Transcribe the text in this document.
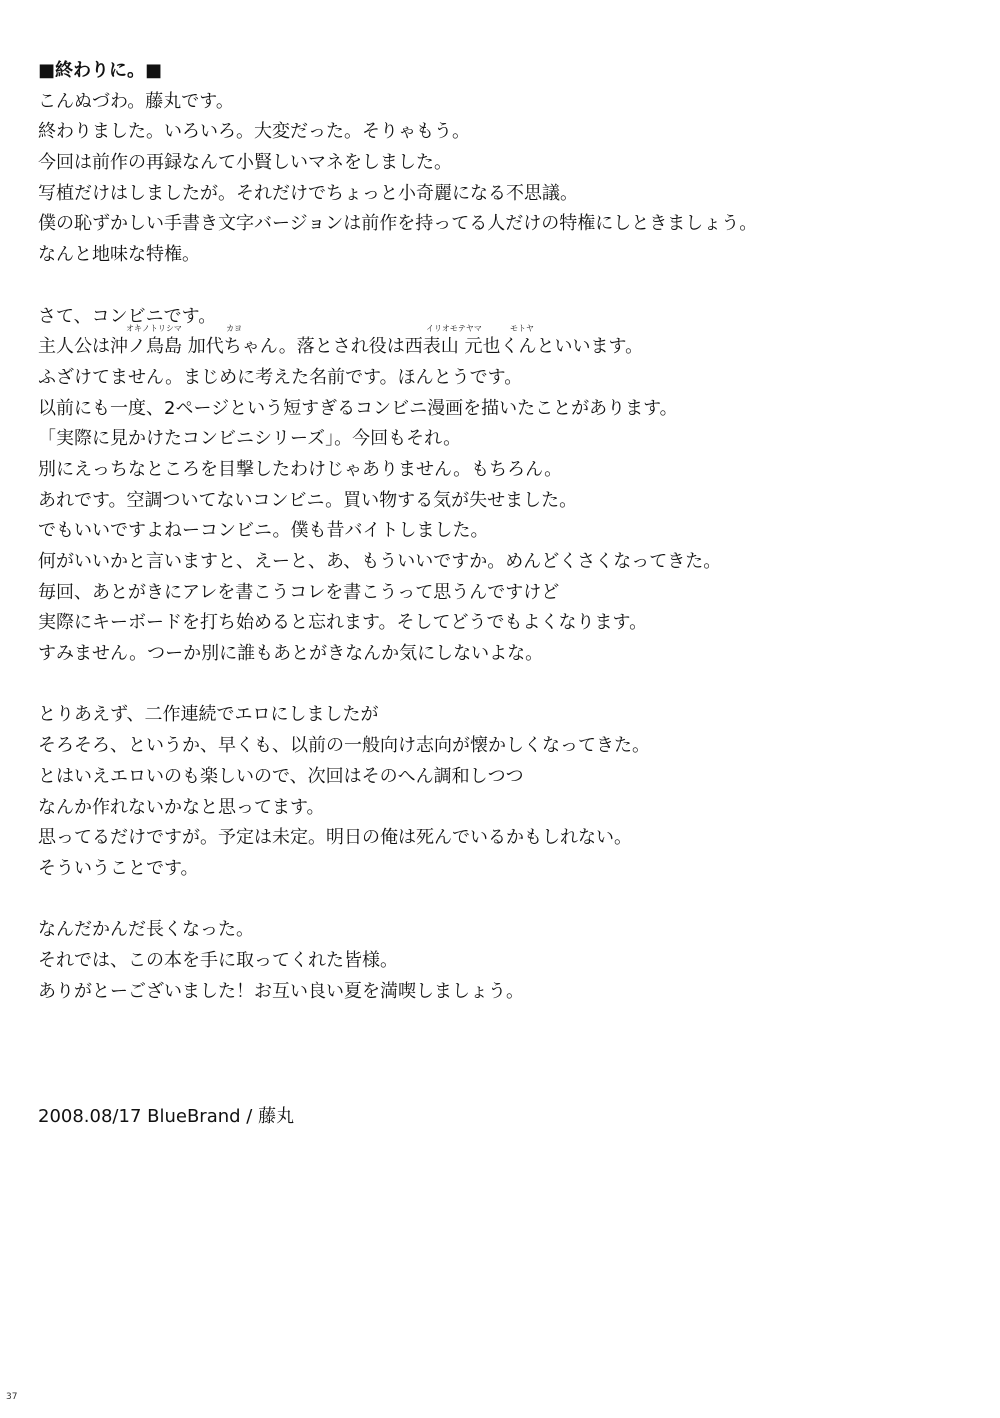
■終わりに。■
こんぬづわ。藤丸です。
終わりました。いろいろ。大変だった。そりゃもう。
今回は前作の再録なんて小賢しいマネをしました。
写植だけはしましたが。それだけでちょっと小奇麗になる不思議。
僕の恥ずかしい手書き文字バージョンは前作を持ってる人だけの特権にしときましょう。
なんと地味な特権。
さて、コンビニです。
オキノトリシマ	カヨ	イリオモテヤマ	モトヤ
主人公は沖ノ鳥島 加代ちゃん。落とされ役は西表山 元也くんといいます。
ふざけてません。まじめに考えた名前です。ほんとうです。
以前にも一度、2ページという短すぎるコンビニ漫画を描いたことがあります。
「実際に見かけたコンビニシリーズ」。今回もそれ。
別にえっちなところを目撃したわけじゃありません。もちろん。
あれです。空調ついてないコンビニ。買い物する気が失せました。
でもいいですよねーコンビニ。僕も昔バイトしました。
何がいいかと言いますと、えーと、あ、もういいですか。めんどくさくなってきた。
毎回、あとがきにアレを書こうコレを書こうって思うんですけど
実際にキーボードを打ち始めると忘れます。そしてどうでもよくなります。
すみません。つーか別に誰もあとがきなんか気にしないよな。
とりあえず、二作連続でエロにしましたが
そろそろ、というか、早くも、以前の一般向け志向が懐かしくなってきた。
とはいえエロいのも楽しいので、次回はそのへん調和しつつ
なんか作れないかなと思ってます。
思ってるだけですが。予定は未定。明日の俺は死んでいるかもしれない。
そういうことです。
なんだかんだ長くなった。
それでは、この本を手に取ってくれた皆様。
ありがとーございました！お互い良い夏を満喫しましょう。
2008.08/17 BlueBrand / 藤丸
37
